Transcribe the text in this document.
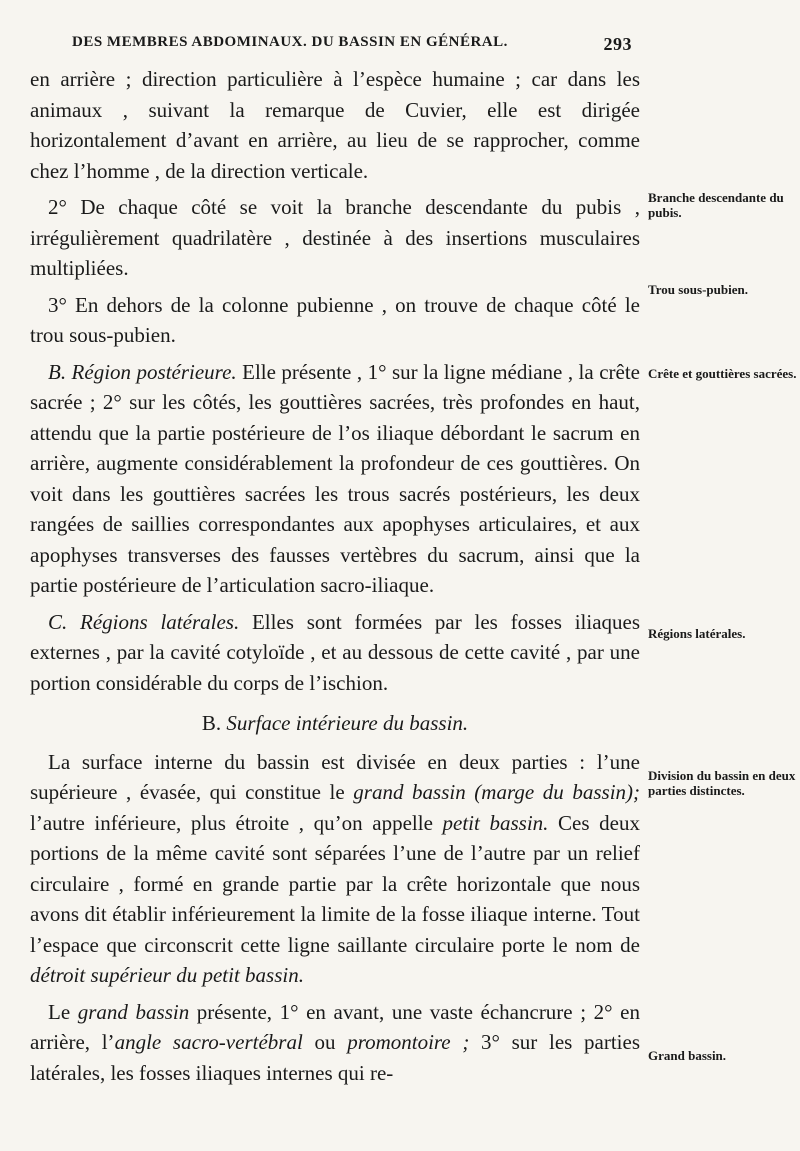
DES MEMBRES ABDOMINAUX. DU BASSIN EN GÉNÉRAL.	293

en arrière ; direction particulière à l’espèce humaine ; car dans les animaux , suivant la remarque de Cuvier, elle est dirigée horizontalement d’avant en arrière, au lieu de se rapprocher, comme chez l’homme , de la direction verticale.

2° De chaque côté se voit la branche descendante du pubis , irrégulièrement quadrilatère , destinée à des insertions musculaires multipliées.

3° En dehors de la colonne pubienne , on trouve de chaque côté le trou sous-pubien.

B. Région postérieure. Elle présente , 1° sur la ligne médiane , la crête sacrée ; 2° sur les côtés, les gouttières sacrées, très profondes en haut, attendu que la partie postérieure de l’os iliaque débordant le sacrum en arrière, augmente considérablement la profondeur de ces gouttières. On voit dans les gouttières sacrées les trous sacrés postérieurs, les deux rangées de saillies correspondantes aux apophyses articulaires, et aux apophyses transverses des fausses vertèbres du sacrum, ainsi que la partie postérieure de l’articulation sacro-iliaque.

C. Régions latérales. Elles sont formées par les fosses iliaques externes , par la cavité cotyloïde , et au dessous de cette cavité , par une portion considérable du corps de l’ischion.

B. Surface intérieure du bassin.

La surface interne du bassin est divisée en deux parties : l’une supérieure , évasée, qui constitue le grand bassin (marge du bassin); l’autre inférieure, plus étroite , qu’on appelle petit bassin. Ces deux portions de la même cavité sont séparées l’une de l’autre par un relief circulaire , formé en grande partie par la crête horizontale que nous avons dit établir inférieurement la limite de la fosse iliaque interne. Tout l’espace que circonscrit cette ligne saillante circulaire porte le nom de détroit supérieur du petit bassin.

Le grand bassin présente, 1° en avant, une vaste échancrure ; 2° en arrière, l’angle sacro-vertébral ou promontoire ; 3° sur les parties latérales, les fosses iliaques internes qui re-

Branche descendante du pubis.
Trou sous-pubien.
Crête et gouttières sacrées.
Régions latérales.
Division du bassin en deux parties distinctes.
Grand bassin.
